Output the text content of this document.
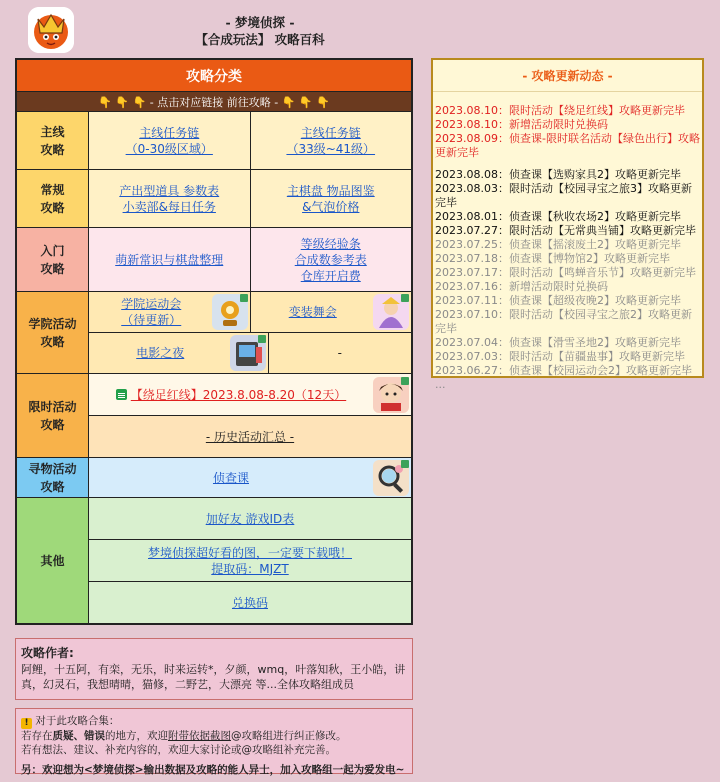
- 梦境侦探 -
【合成玩法】 攻略百科
攻略分类
👇 👇 👇 - 点击对应链接 前往攻略 - 👇 👇 👇
主线
攻略
主线任务链
（0-30级区域）
主线任务链
（33级~41级）
常规
攻略
产出型道具 参数表
小卖部&每日任务
主棋盘 物品图鉴
&气泡价格
入门
攻略
萌新常识与棋盘整理
等级经验条
合成数参考表
仓库开启费
学院活动
攻略
学院运动会
（待更新）
变装舞会
电影之夜	-
限时活动
攻略
【绕足红线】2023.8.08-8.20（12天）
- 历史活动汇总 -
寻物活动
攻略
侦查课
其他
加好友 游戏ID表
梦境侦探超好看的图，一定要下载哦！
提取码：MJZT
兑换码
- 攻略更新动态 -
2023.08.10：限时活动【绕足红线】攻略更新完毕
2023.08.10：新增活动限时兑换码
2023.08.09：侦查课-限时联名活动【绿色出行】攻略更新完毕
2023.08.08：侦查课【选购家具2】攻略更新完毕
2023.08.03：限时活动【校园寻宝之旅3】攻略更新完毕
2023.08.01：侦查课【秋收农场2】攻略更新完毕
2023.07.27：限时活动【无常典当铺】攻略更新完毕
2023.07.25：侦查课【摇滚废土2】攻略更新完毕
2023.07.18：侦查课【博物馆2】攻略更新完毕
2023.07.17：限时活动【鸣蝉音乐节】攻略更新完毕
2023.07.16：新增活动限时兑换码
2023.07.11：侦查课【超级夜晚2】攻略更新完毕
2023.07.10：限时活动【校园寻宝之旅2】攻略更新完毕
2023.07.04：侦查课【滑雪圣地2】攻略更新完毕
2023.07.03：限时活动【苗疆蛊事】攻略更新完毕
2023.06.27：侦查课【校园运动会2】攻略更新完毕
...
攻略作者:
阿鲤，十五阿，有栾，无乐，时来运转*，夕颜，wmq，叶落知秋，王小皓，讲真，幻灵石，我想晴晴，猫修，二野艺，大漂亮 等...全体攻略组成员
! 对于此攻略合集：
若存在质疑、错误的地方，欢迎附带依据截图@攻略组进行纠正修改。
若有想法、建议、补充内容的，欢迎大家讨论或@攻略组补充完善。
另：欢迎想为<梦境侦探>输出数据及攻略的能人异士，加入攻略组一起为爱发电~
